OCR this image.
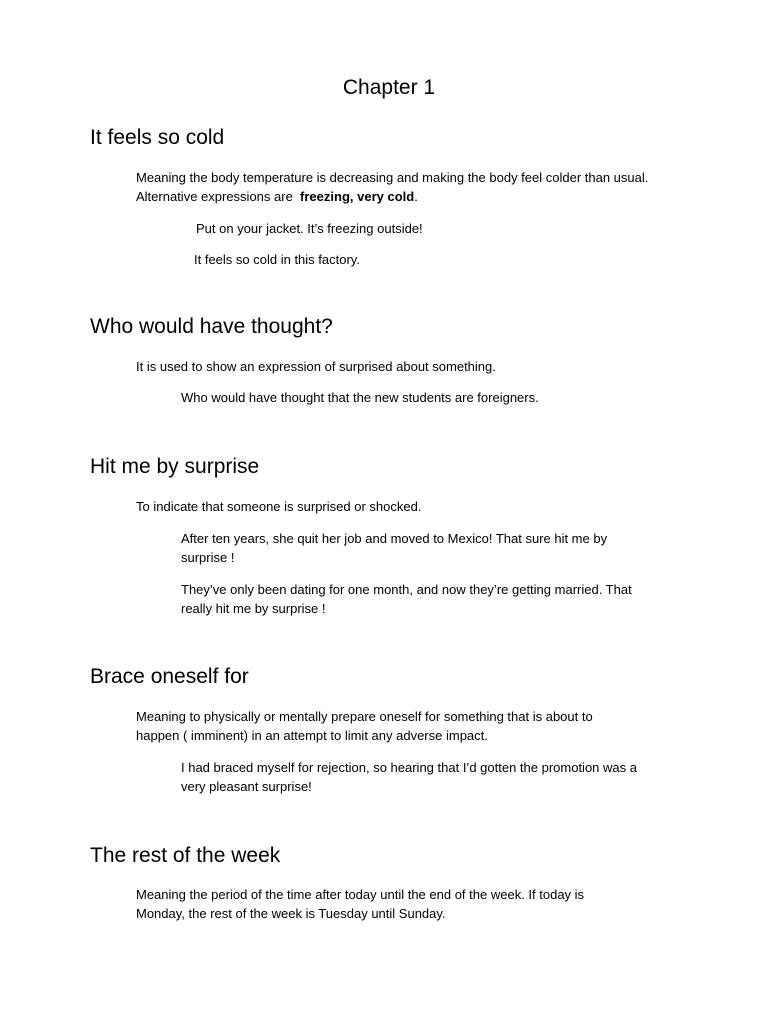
Chapter 1
It feels so cold

Meaning the body temperature is decreasing and making the body feel colder than usual.

Alternative expressions are freezing, very cold.

Put on your jacket. It’s freezing outside!

It feels so cold in this factory.

Who would have thought?

It is used to show an expression of surprised about something.

Who would have thought that the new students are foreigners.

Hit me by surprise

To indicate that someone is surprised or shocked.

After ten years, she quit her job and moved to Mexico! That sure hit me by

surprise !

They’ve only been dating for one month, and now they’re getting married. That

really hit me by surprise !

Brace oneself for

Meaning to physically or mentally prepare oneself for something that is about to

happen ( imminent) in an attempt to limit any adverse impact.

I had braced myself for rejection, so hearing that I’d gotten the promotion was a

very pleasant surprise!

The rest of the week

Meaning the period of the time after today until the end of the week. If today is

Monday, the rest of the week is Tuesday until Sunday.
